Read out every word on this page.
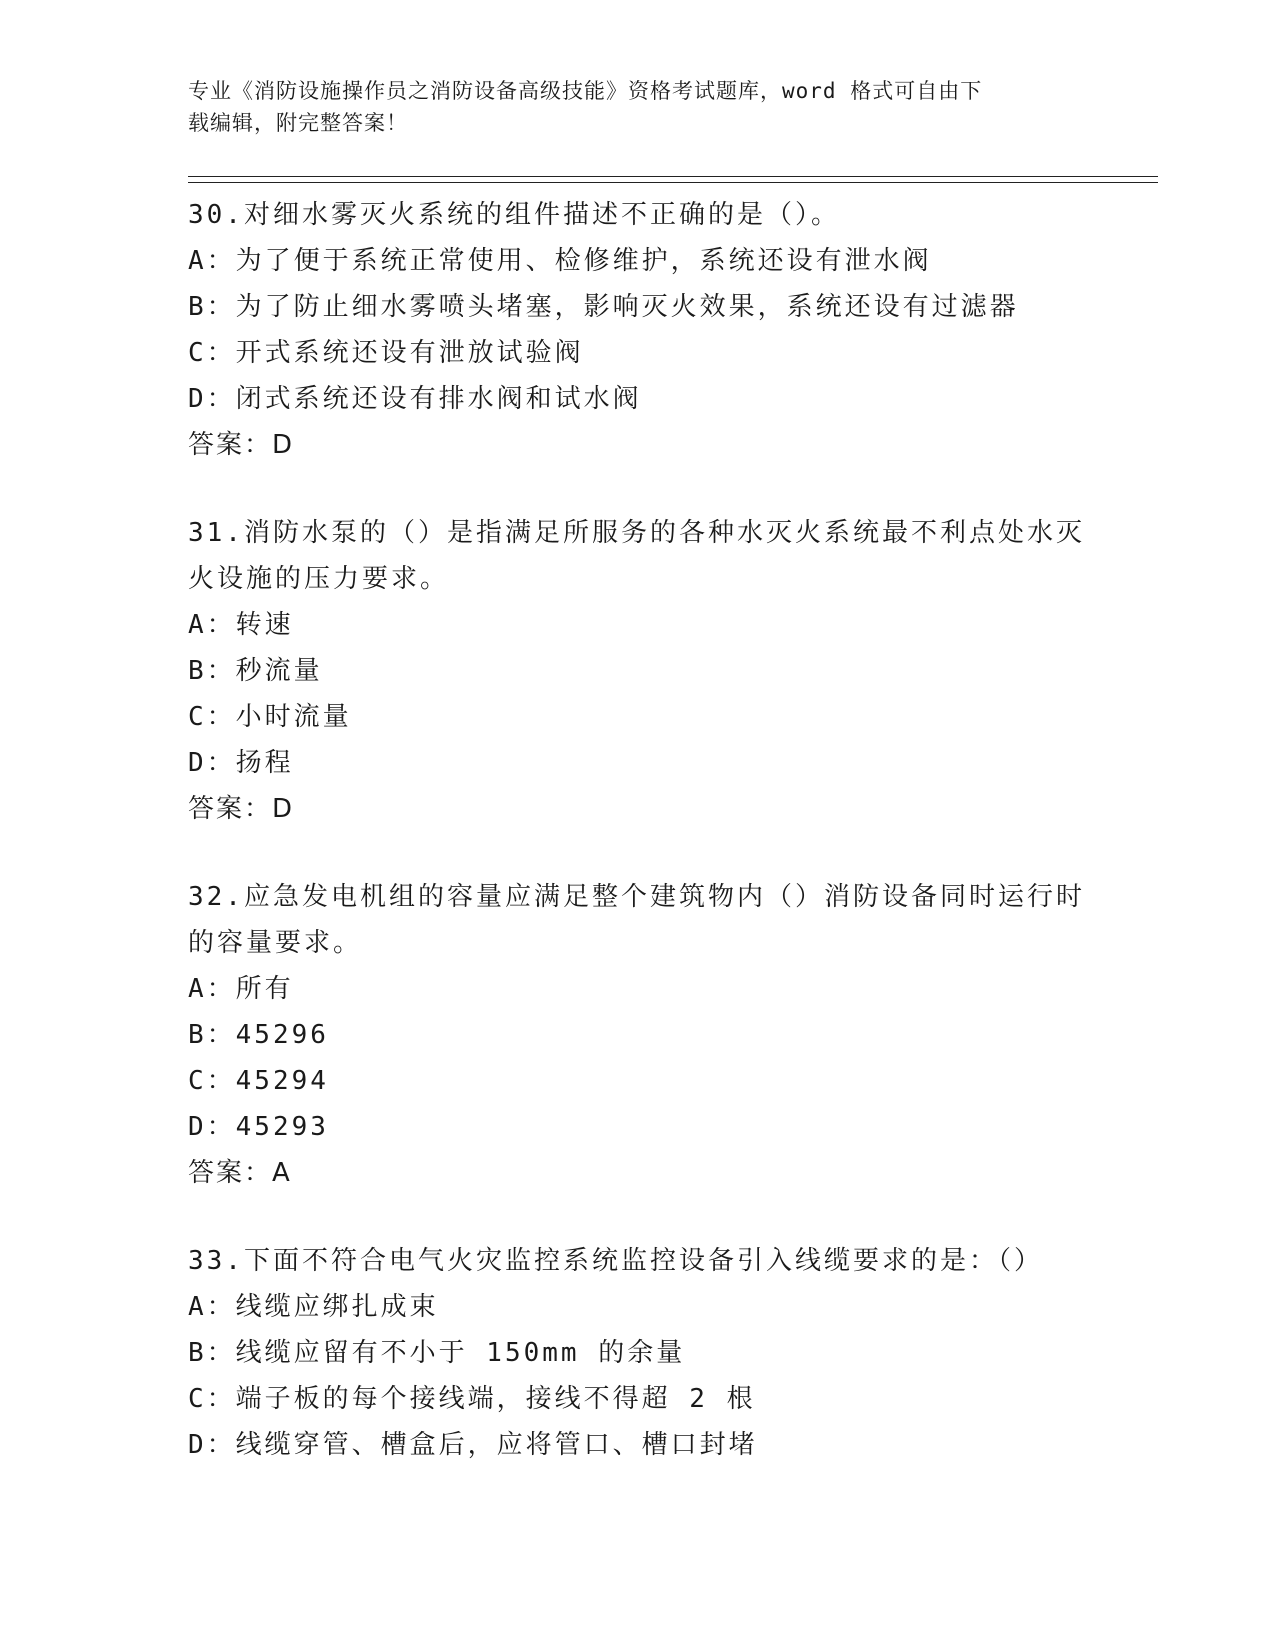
专业《消防设施操作员之消防设备高级技能》资格考试题库，word 格式可自由下
载编辑，附完整答案！
30.对细水雾灭火系统的组件描述不正确的是（）。
A：为了便于系统正常使用、检修维护，系统还设有泄水阀
B：为了防止细水雾喷头堵塞，影响灭火效果，系统还设有过滤器
C：开式系统还设有泄放试验阀
D：闭式系统还设有排水阀和试水阀
答案：D
31.消防水泵的（）是指满足所服务的各种水灭火系统最不利点处水灭
火设施的压力要求。
A：转速
B：秒流量
C：小时流量
D：扬程
答案：D
32.应急发电机组的容量应满足整个建筑物内（）消防设备同时运行时
的容量要求。
A：所有
B：45296
C：45294
D：45293
答案：A
33.下面不符合电气火灾监控系统监控设备引入线缆要求的是：（）
A：线缆应绑扎成束
B：线缆应留有不小于 150mm 的余量
C：端子板的每个接线端，接线不得超 2 根
D：线缆穿管、槽盒后，应将管口、槽口封堵
